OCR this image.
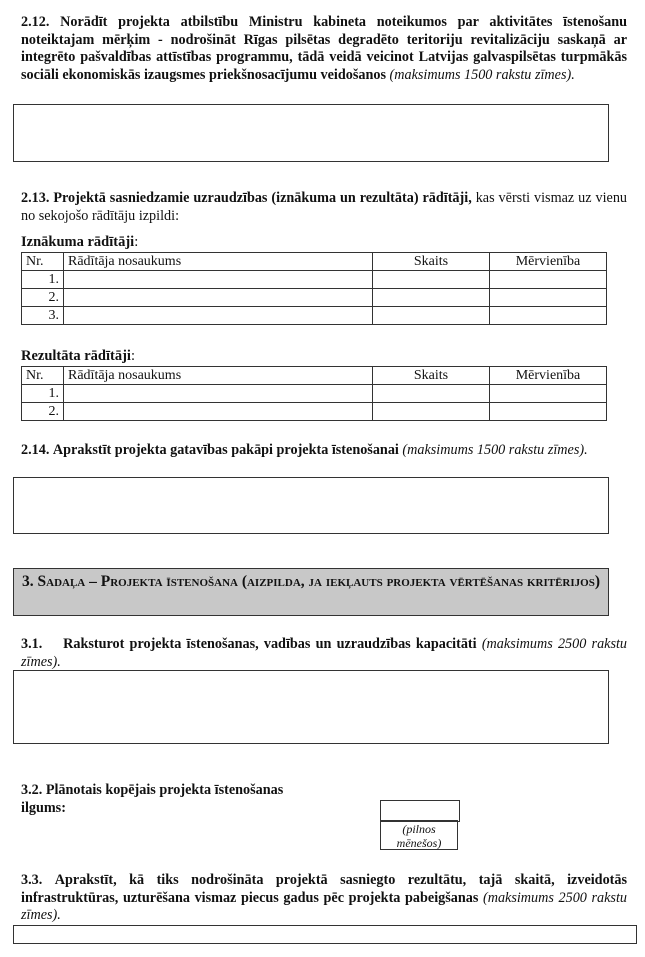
2.12. Norādīt projekta atbilstību Ministru kabineta noteikumos par aktivitātes īstenošanu noteiktajam mērķim - nodrošināt Rīgas pilsētas degradēto teritoriju revitalizāciju saskaņā ar integrēto pašvaldības attīstības programmu, tādā veidā veicinot Latvijas galvaspilsētas turpmākās sociāli ekonomiskās izaugsmes priekšnosacījumu veidošanos (maksimums 1500 rakstu zīmes).
2.13. Projektā sasniedzamie uzraudzības (iznākuma un rezultāta) rādītāji, kas vērsti vismaz uz vienu no sekojošo rādītāju izpildi:
Iznākuma rādītāji:
Nr.	Rādītāja nosaukums	Skaits	Mērvienība
1.			
2.			
3.			
Rezultāta rādītāji:
Nr.	Rādītāja nosaukums	Skaits	Mērvienība
1.			
2.			
2.14. Aprakstīt projekta gatavības pakāpi projekta īstenošanai (maksimums 1500 rakstu zīmes).
3. Sadaļa – Projekta īstenošana (aizpilda, ja iekļauts projekta vērtēšanas kritērijos)
3.1. Raksturot projekta īstenošanas, vadības un uzraudzības kapacitāti (maksimums 2500 rakstu zīmes).
3.2. Plānotais kopējais projekta īstenošanas ilgums:
(pilnos mēnešos)
3.3. Aprakstīt, kā tiks nodrošināta projektā sasniegto rezultātu, tajā skaitā, izveidotās infrastruktūras, uzturēšana vismaz piecus gadus pēc projekta pabeigšanas (maksimums 2500 rakstu zīmes).
